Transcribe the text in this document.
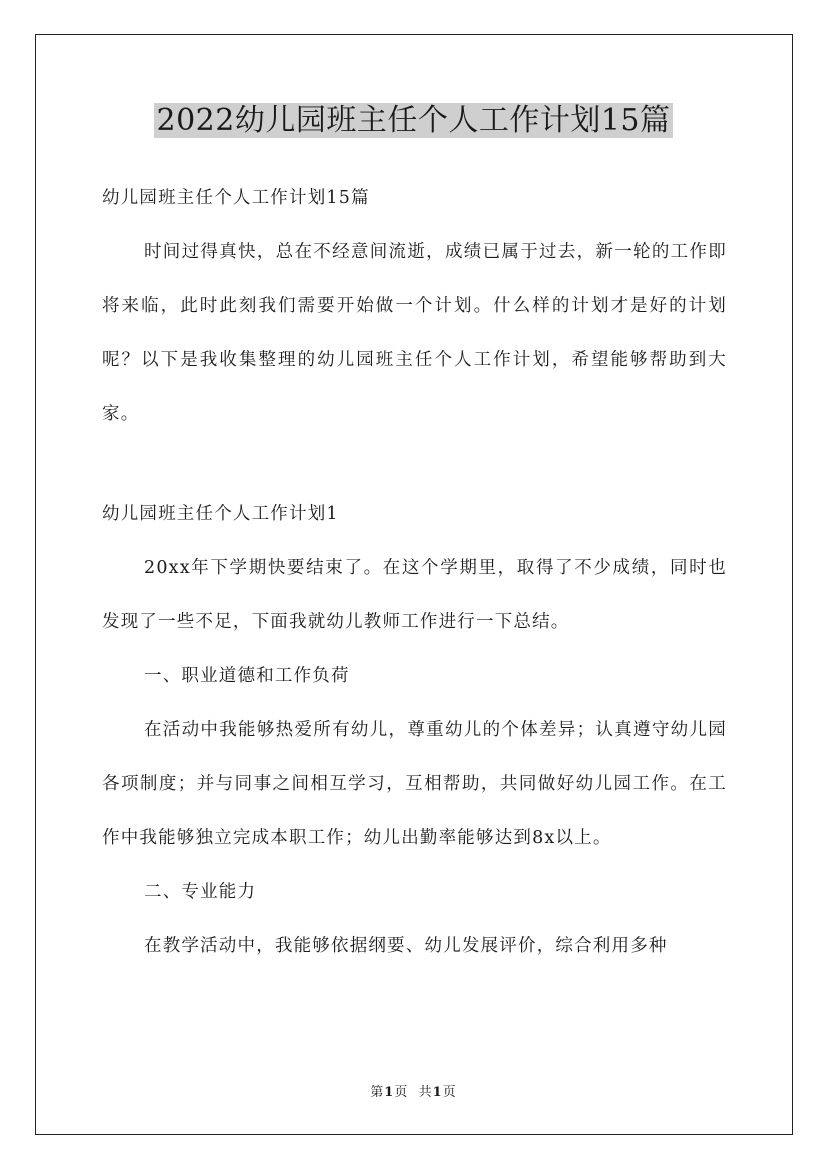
2022幼儿园班主任个人工作计划15篇

幼儿园班主任个人工作计划15篇

时间过得真快，总在不经意间流逝，成绩已属于过去，新一轮的工作即将来临，此时此刻我们需要开始做一个计划。什么样的计划才是好的计划呢？以下是我收集整理的幼儿园班主任个人工作计划，希望能够帮助到大家。

幼儿园班主任个人工作计划1

20xx年下学期快要结束了。在这个学期里，取得了不少成绩，同时也发现了一些不足，下面我就幼儿教师工作进行一下总结。

一、职业道德和工作负荷

在活动中我能够热爱所有幼儿，尊重幼儿的个体差异；认真遵守幼儿园各项制度；并与同事之间相互学习，互相帮助，共同做好幼儿园工作。在工作中我能够独立完成本职工作；幼儿出勤率能够达到8x以上。

二、专业能力

在教学活动中，我能够依据纲要、幼儿发展评价，综合利用多种

第1页 共1页
